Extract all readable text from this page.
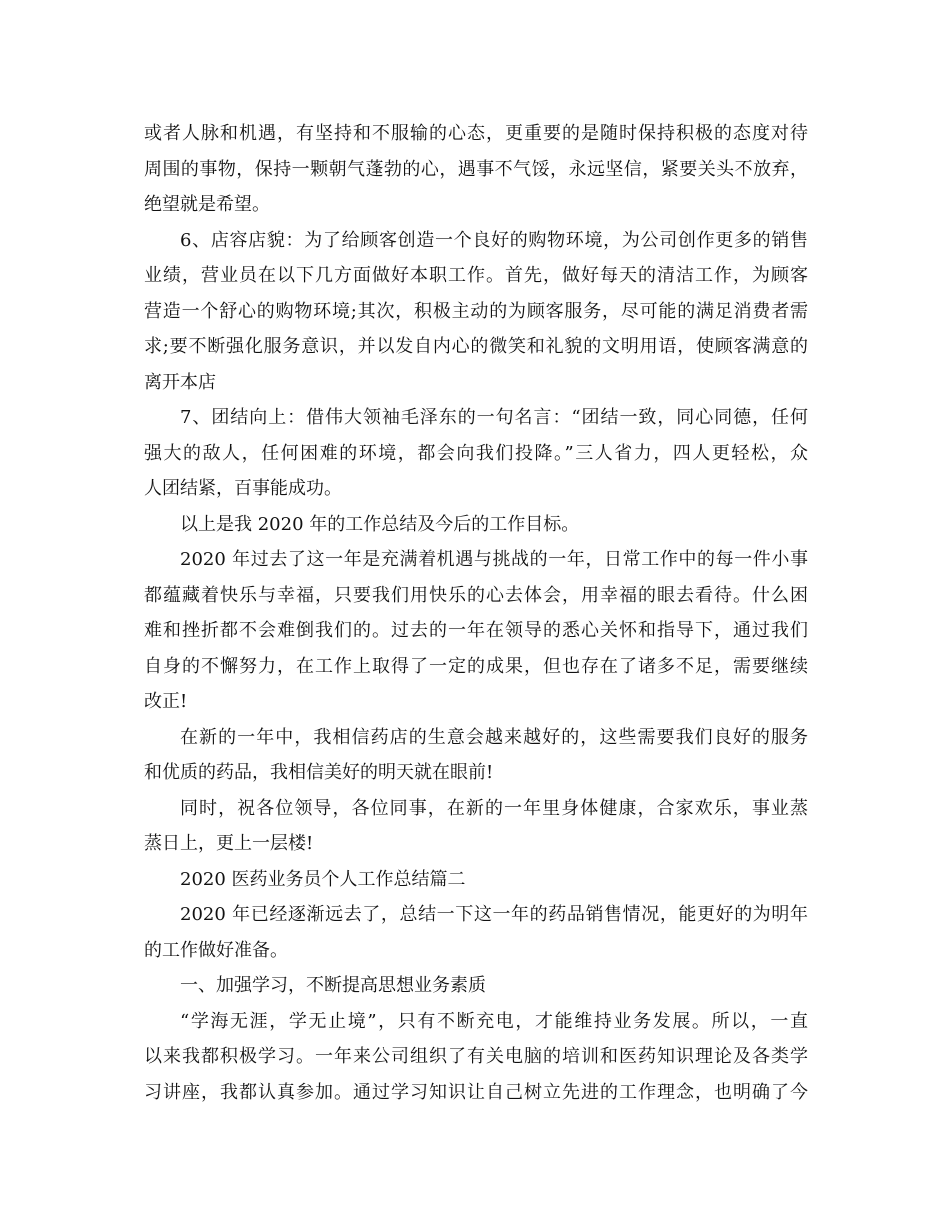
或者人脉和机遇，有坚持和不服输的心态，更重要的是随时保持积极的态度对待
周围的事物，保持一颗朝气蓬勃的心，遇事不气馁，永远坚信，紧要关头不放弃，
绝望就是希望。
6、店容店貌：为了给顾客创造一个良好的购物环境，为公司创作更多的销售
业绩，营业员在以下几方面做好本职工作。首先，做好每天的清洁工作，为顾客
营造一个舒心的购物环境;其次，积极主动的为顾客服务，尽可能的满足消费者需
求;要不断强化服务意识，并以发自内心的微笑和礼貌的文明用语，使顾客满意的
离开本店
7、团结向上：借伟大领袖毛泽东的一句名言：“团结一致，同心同德，任何
强大的敌人，任何困难的环境，都会向我们投降。”三人省力，四人更轻松，众
人团结紧，百事能成功。
以上是我 2020 年的工作总结及今后的工作目标。
2020 年过去了这一年是充满着机遇与挑战的一年，日常工作中的每一件小事
都蕴藏着快乐与幸福，只要我们用快乐的心去体会，用幸福的眼去看待。什么困
难和挫折都不会难倒我们的。过去的一年在领导的悉心关怀和指导下，通过我们
自身的不懈努力，在工作上取得了一定的成果，但也存在了诸多不足，需要继续
改正!
在新的一年中，我相信药店的生意会越来越好的，这些需要我们良好的服务
和优质的药品，我相信美好的明天就在眼前!
同时，祝各位领导，各位同事，在新的一年里身体健康，合家欢乐，事业蒸
蒸日上，更上一层楼!
2020 医药业务员个人工作总结篇二
2020 年已经逐渐远去了，总结一下这一年的药品销售情况，能更好的为明年
的工作做好准备。
一、加强学习，不断提高思想业务素质
“学海无涯，学无止境”，只有不断充电，才能维持业务发展。所以，一直
以来我都积极学习。一年来公司组织了有关电脑的培训和医药知识理论及各类学
习讲座，我都认真参加。通过学习知识让自己树立先进的工作理念，也明确了今
